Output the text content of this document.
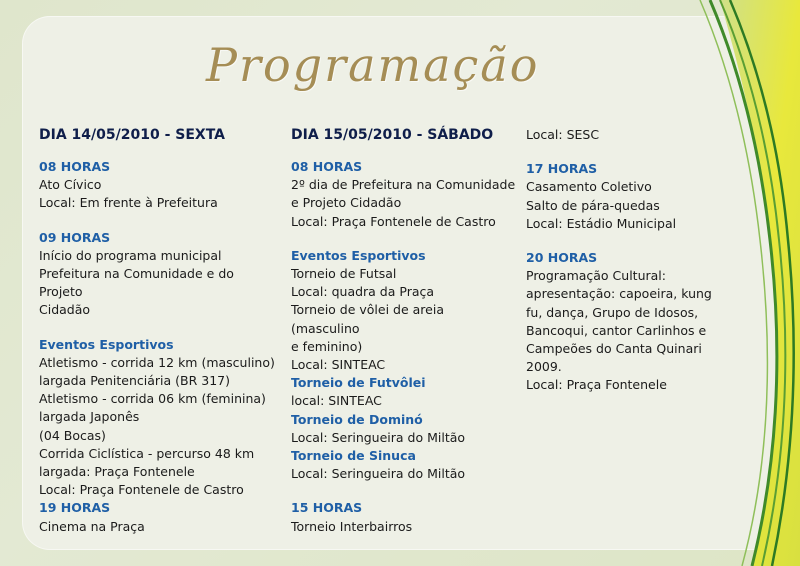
Programação
DIA 14/05/2010 - SEXTA
08 HORAS
Ato Cívico
Local: Em frente à Prefeitura
09 HORAS
Início do programa municipal
Prefeitura na Comunidade e do Projeto
Cidadão
Eventos Esportivos
Atletismo - corrida 12 km (masculino)
largada Penitenciária (BR 317)
Atletismo - corrida 06 km (feminina)
largada Japonês
(04 Bocas)
Corrida Ciclística - percurso 48 km
largada: Praça Fontenele
Local: Praça Fontenele de Castro
19 HORAS
Cinema na Praça
DIA 15/05/2010 - SÁBADO
08 HORAS
2º dia de Prefeitura na Comunidade
e Projeto Cidadão
Local: Praça Fontenele de Castro
Eventos Esportivos
Torneio de Futsal
Local: quadra da Praça
Torneio de vôlei de areia (masculino
e feminino)
Local: SINTEAC
Torneio de Futvôlei
local: SINTEAC
Torneio de Dominó
Local: Seringueira do Miltão
Torneio de Sinuca
Local: Seringueira do Miltão
15 HORAS
Torneio Interbairros
Local: SESC
17 HORAS
Casamento Coletivo
Salto de pára-quedas
Local: Estádio Municipal
20 HORAS
Programação Cultural:
apresentação: capoeira, kung
fu, dança, Grupo de Idosos,
Bancoqui, cantor Carlinhos e
Campeões do Canta Quinari
2009.
Local: Praça Fontenele
